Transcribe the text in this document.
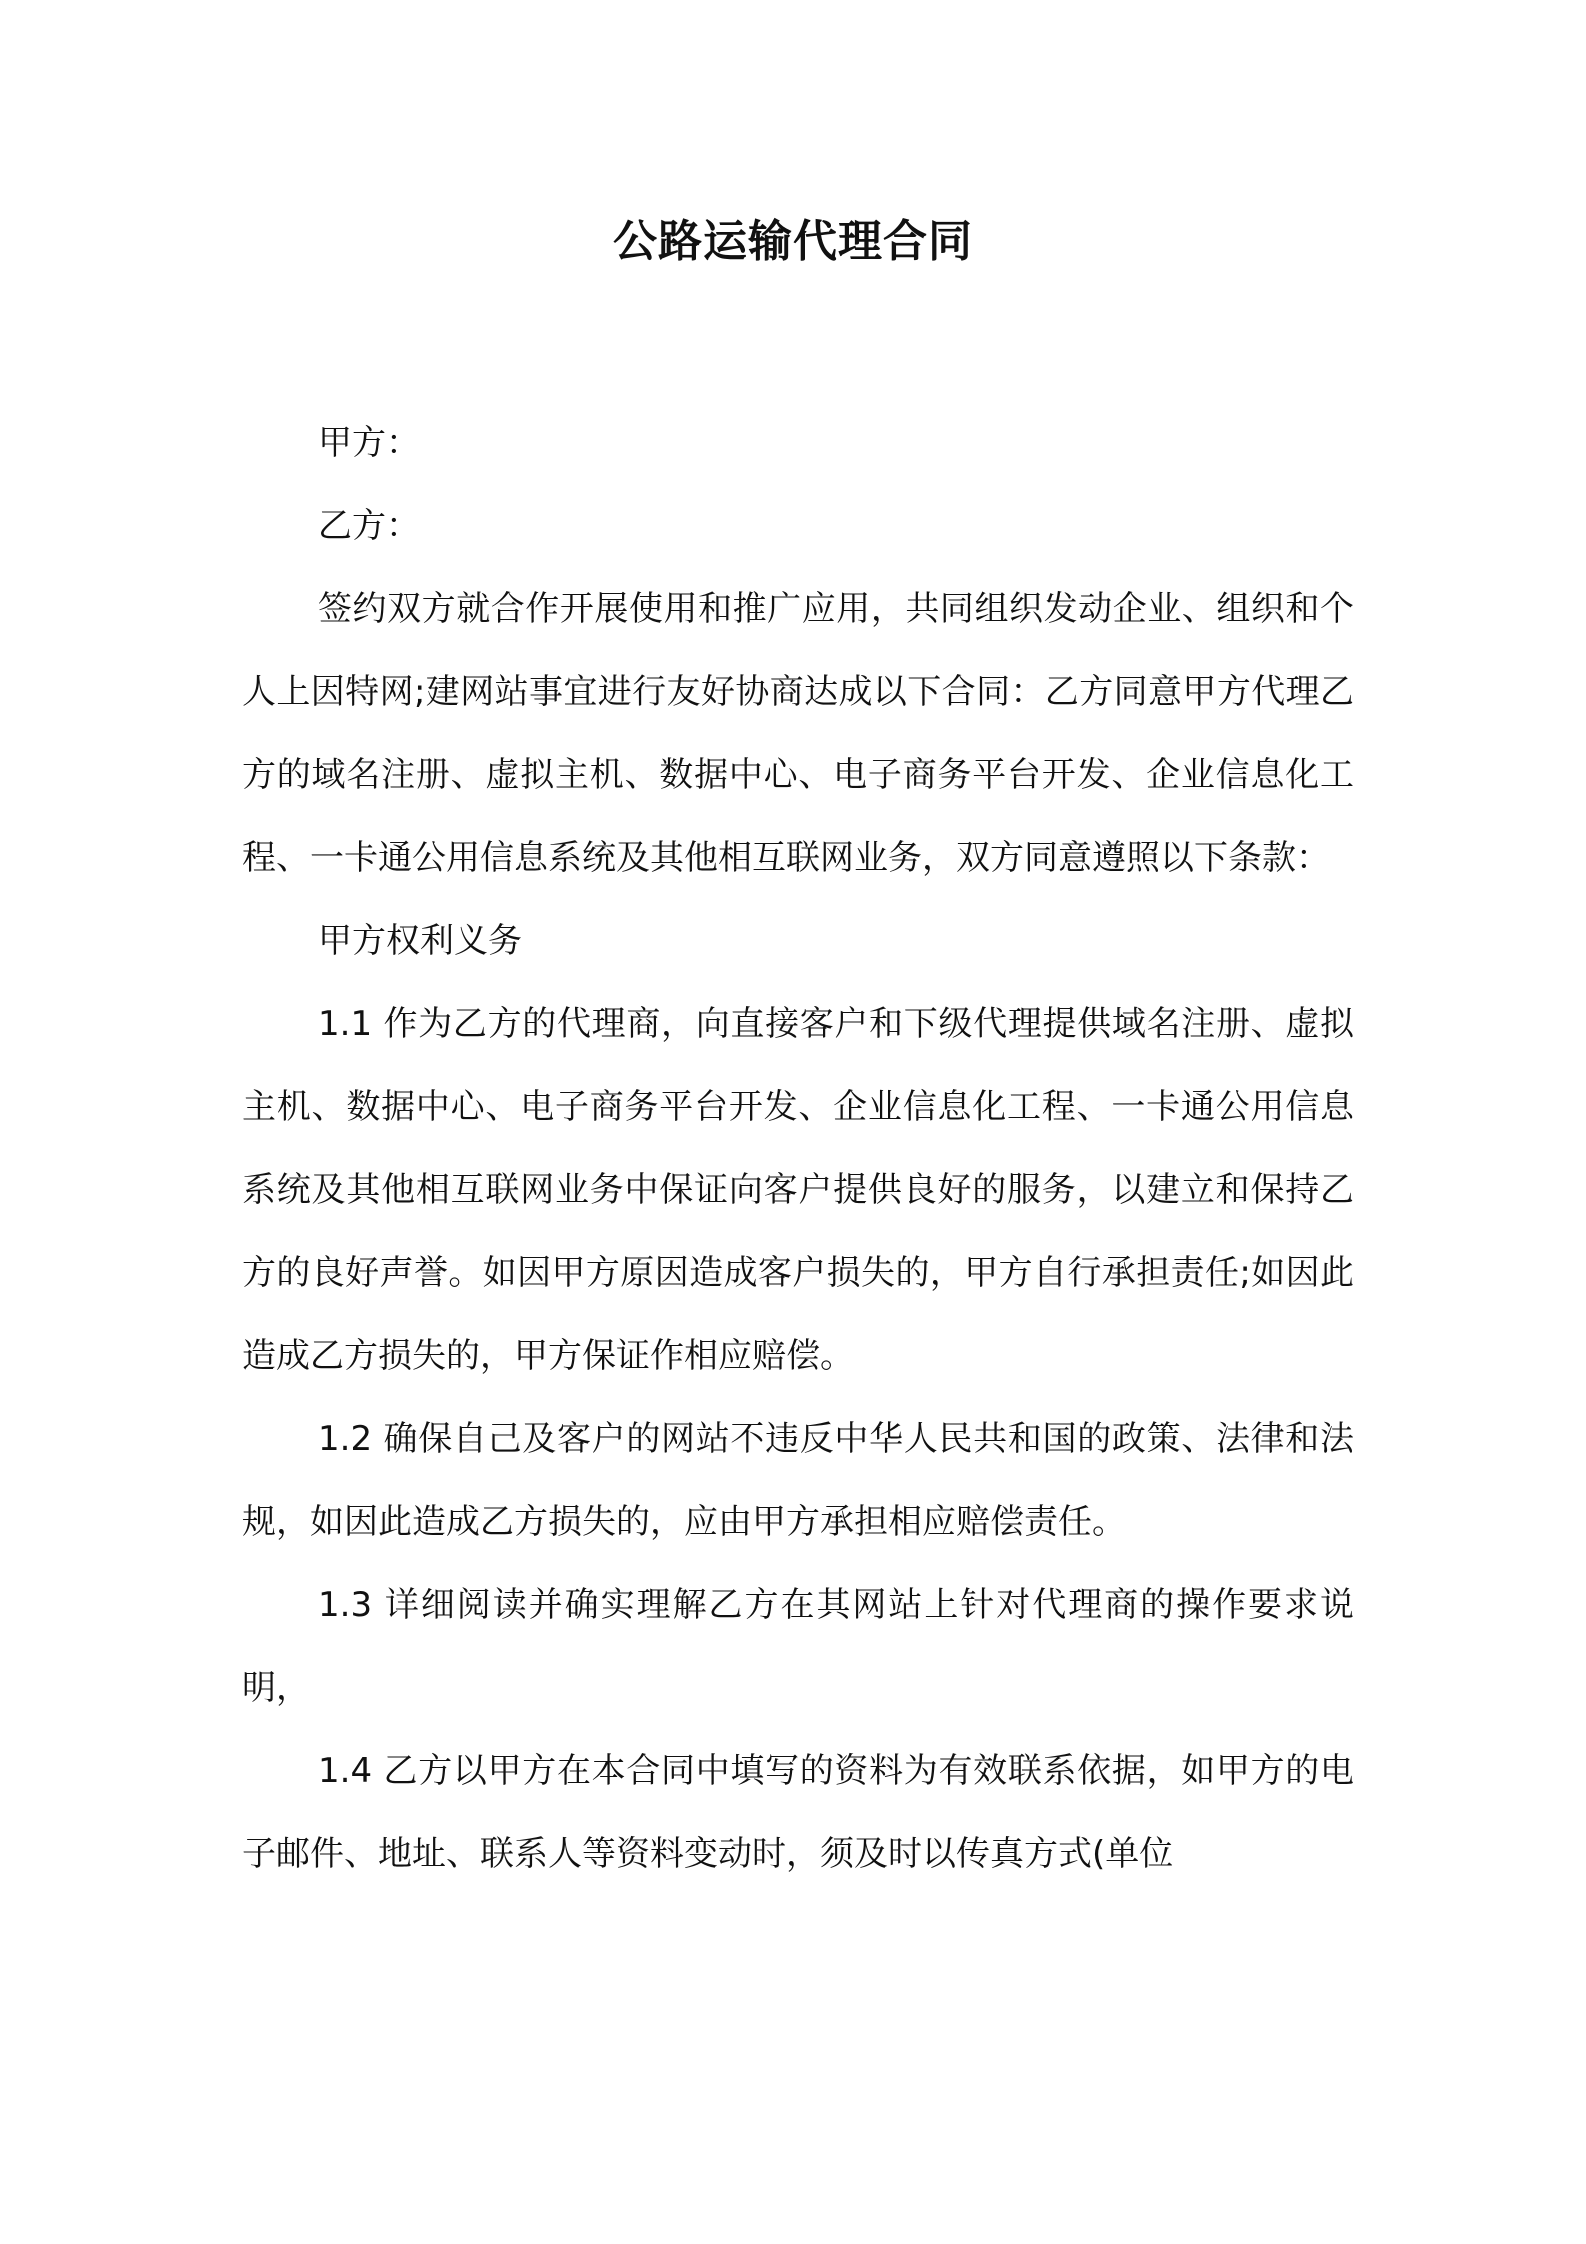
公路运输代理合同

甲方：

乙方：

签约双方就合作开展使用和推广应用，共同组织发动企业、组织和个人上因特网;建网站事宜进行友好协商达成以下合同：乙方同意甲方代理乙方的域名注册、虚拟主机、数据中心、电子商务平台开发、企业信息化工程、一卡通公用信息系统及其他相互联网业务，双方同意遵照以下条款：

甲方权利义务

1.1 作为乙方的代理商，向直接客户和下级代理提供域名注册、虚拟主机、数据中心、电子商务平台开发、企业信息化工程、一卡通公用信息系统及其他相互联网业务中保证向客户提供良好的服务，以建立和保持乙方的良好声誉。如因甲方原因造成客户损失的，甲方自行承担责任;如因此造成乙方损失的，甲方保证作相应赔偿。

1.2 确保自己及客户的网站不违反中华人民共和国的政策、法律和法规，如因此造成乙方损失的，应由甲方承担相应赔偿责任。

1.3 详细阅读并确实理解乙方在其网站上针对代理商的操作要求说明，

1.4 乙方以甲方在本合同中填写的资料为有效联系依据，如甲方的电子邮件、地址、联系人等资料变动时，须及时以传真方式(单位
